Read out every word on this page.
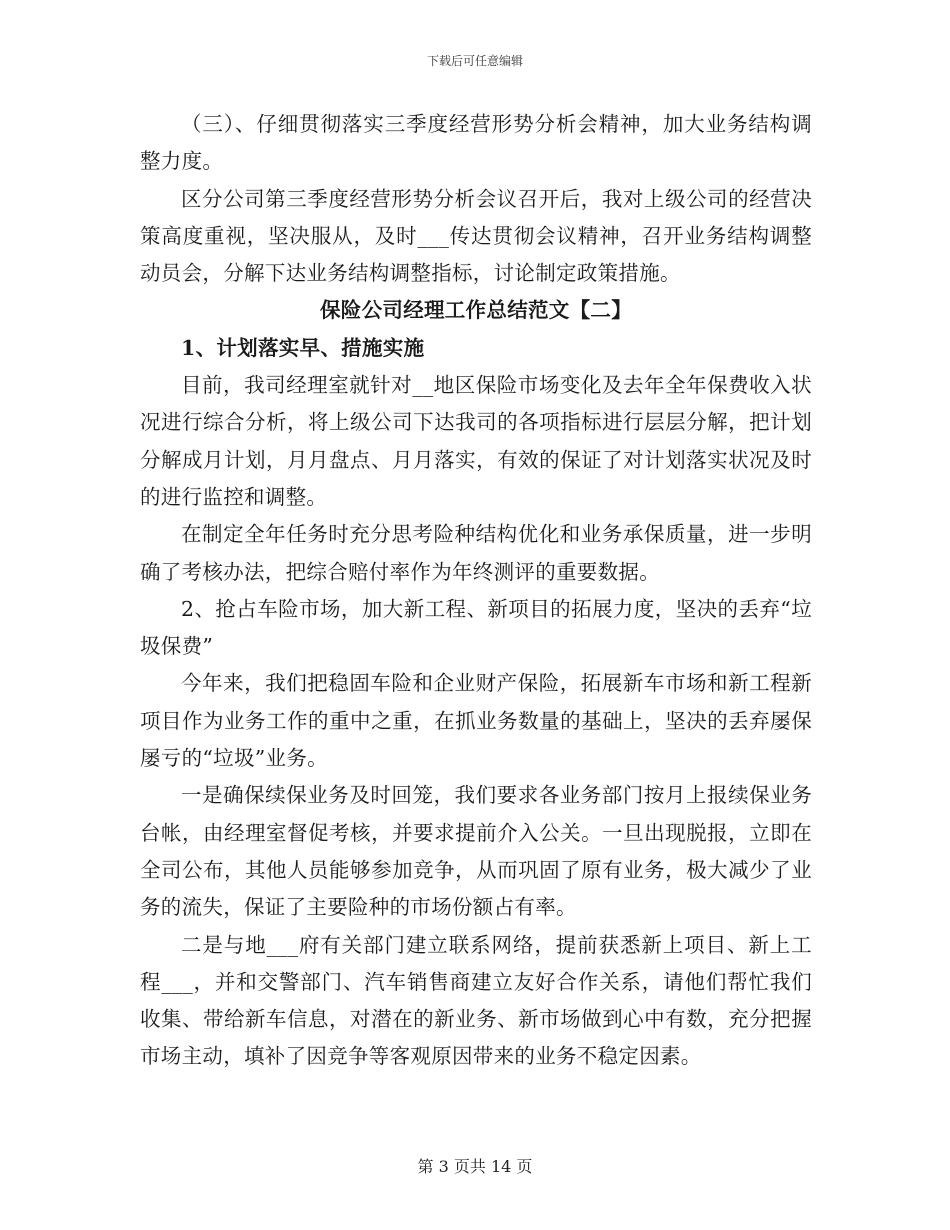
下载后可任意编辑

（三）、仔细贯彻落实三季度经营形势分析会精神，加大业务结构调整力度。

区分公司第三季度经营形势分析会议召开后，我对上级公司的经营决策高度重视，坚决服从，及时___传达贯彻会议精神，召开业务结构调整动员会，分解下达业务结构调整指标，讨论制定政策措施。

保险公司经理工作总结范文【二】

1、计划落实早、措施实施

目前，我司经理室就针对__地区保险市场变化及去年全年保费收入状况进行综合分析，将上级公司下达我司的各项指标进行层层分解，把计划分解成月计划，月月盘点、月月落实，有效的保证了对计划落实状况及时的进行监控和调整。

在制定全年任务时充分思考险种结构优化和业务承保质量，进一步明确了考核办法，把综合赔付率作为年终测评的重要数据。

2、抢占车险市场，加大新工程、新项目的拓展力度，坚决的丢弃“垃圾保费”

今年来，我们把稳固车险和企业财产保险，拓展新车市场和新工程新项目作为业务工作的重中之重，在抓业务数量的基础上，坚决的丢弃屡保屡亏的“垃圾”业务。

一是确保续保业务及时回笼，我们要求各业务部门按月上报续保业务台帐，由经理室督促考核，并要求提前介入公关。一旦出现脱报，立即在全司公布，其他人员能够参加竞争，从而巩固了原有业务，极大减少了业务的流失，保证了主要险种的市场份额占有率。

二是与地___府有关部门建立联系网络，提前获悉新上项目、新上工程___，并和交警部门、汽车销售商建立友好合作关系，请他们帮忙我们收集、带给新车信息，对潜在的新业务、新市场做到心中有数，充分把握市场主动，填补了因竞争等客观原因带来的业务不稳定因素。

第 3 页共 14 页
